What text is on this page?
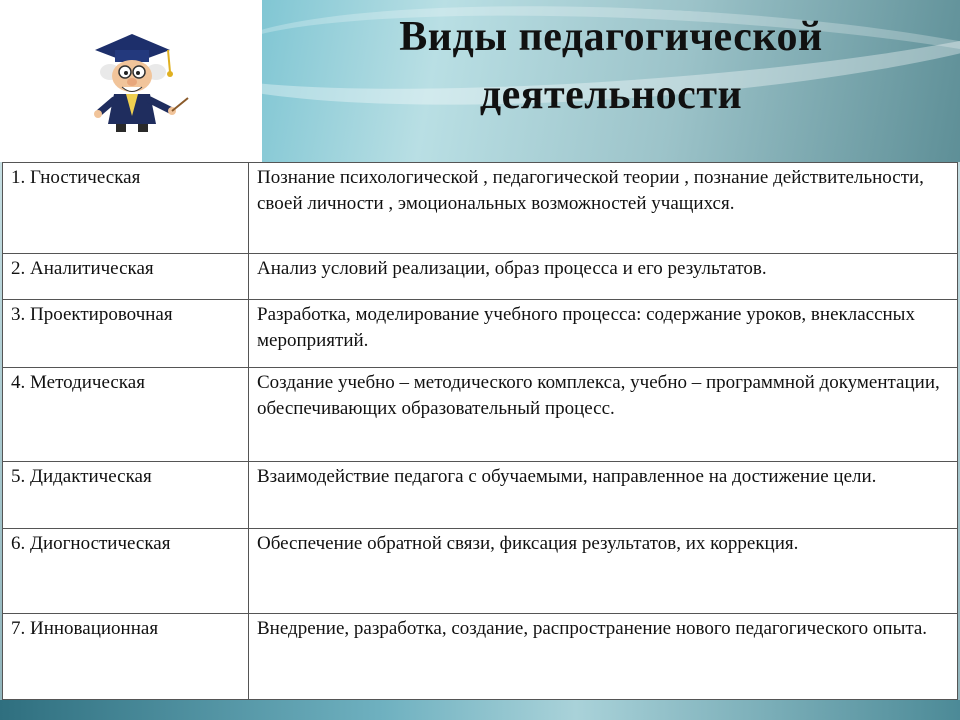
Виды педагогической
деятельности
1. Гностическая	Познание психологической , педагогической теории , познание действительности, своей личности , эмоциональных возможностей учащихся.
2. Аналитическая	Анализ условий реализации, образ процесса и его результатов.
3. Проектировочная	Разработка, моделирование учебного процесса: содержание уроков, внеклассных мероприятий.
4. Методическая	Создание учебно – методического комплекса, учебно – программной документации, обеспечивающих образовательный процесс.
5. Дидактическая	Взаимодействие педагога с обучаемыми, направленное на достижение цели.
6. Диогностическая	Обеспечение обратной связи, фиксация результатов, их коррекция.
7. Инновационная	Внедрение, разработка, создание, распространение нового педагогического опыта.
